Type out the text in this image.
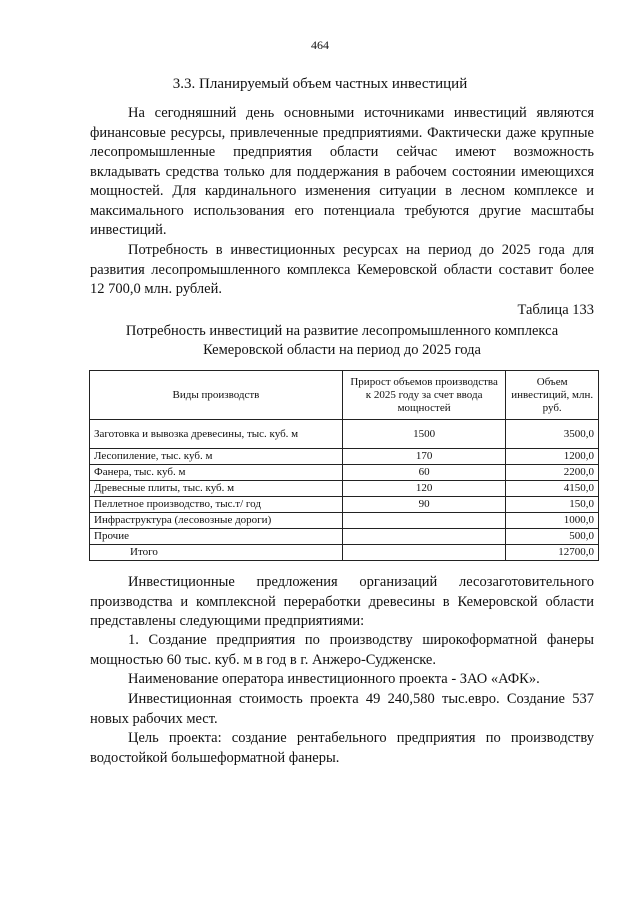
464
3.3. Планируемый объем частных инвестиций

На сегодняшний день основными источниками инвестиций являются финансовые ресурсы, привлеченные предприятиями. Фактически даже крупные лесопромышленные предприятия области сейчас имеют возможность вкладывать средства только для поддержания в рабочем состоянии имеющихся мощностей. Для кардинального изменения ситуации в лесном комплексе и максимального использования его потенциала требуются другие масштабы инвестиций.

Потребность в инвестиционных ресурсах на период до 2025 года для развития лесопромышленного комплекса Кемеровской области составит более 12 700,0 млн. рублей.

Таблица 133
Потребность инвестиций на развитие лесопромышленного комплекса
Кемеровской области на период до 2025 года
Виды производств	Прирост объемов производства к 2025 году за счет ввода мощностей	Объем инвестиций, млн. руб.
Заготовка и вывозка древесины, тыс. куб. м	1500	3500,0
Лесопиление, тыс. куб. м	170	1200,0
Фанера, тыс. куб. м	60	2200,0
Древесные плиты, тыс. куб. м	120	4150,0
Пеллетное производство, тыс.т/ год	90	150,0
Инфраструктура (лесовозные дороги)		1000,0
Прочие		500,0
Итого		12700,0

Инвестиционные предложения организаций лесозаготовительного производства и комплексной переработки древесины в Кемеровской области представлены следующими предприятиями:

1. Создание предприятия по производству широкоформатной фанеры мощностью 60 тыс. куб. м в год в г. Анжеро-Судженске.

Наименование оператора инвестиционного проекта - ЗАО «АФК».

Инвестиционная стоимость проекта 49 240,580 тыс.евро. Создание 537 новых рабочих мест.

Цель проекта: создание рентабельного предприятия по производству водостойкой большеформатной фанеры.
